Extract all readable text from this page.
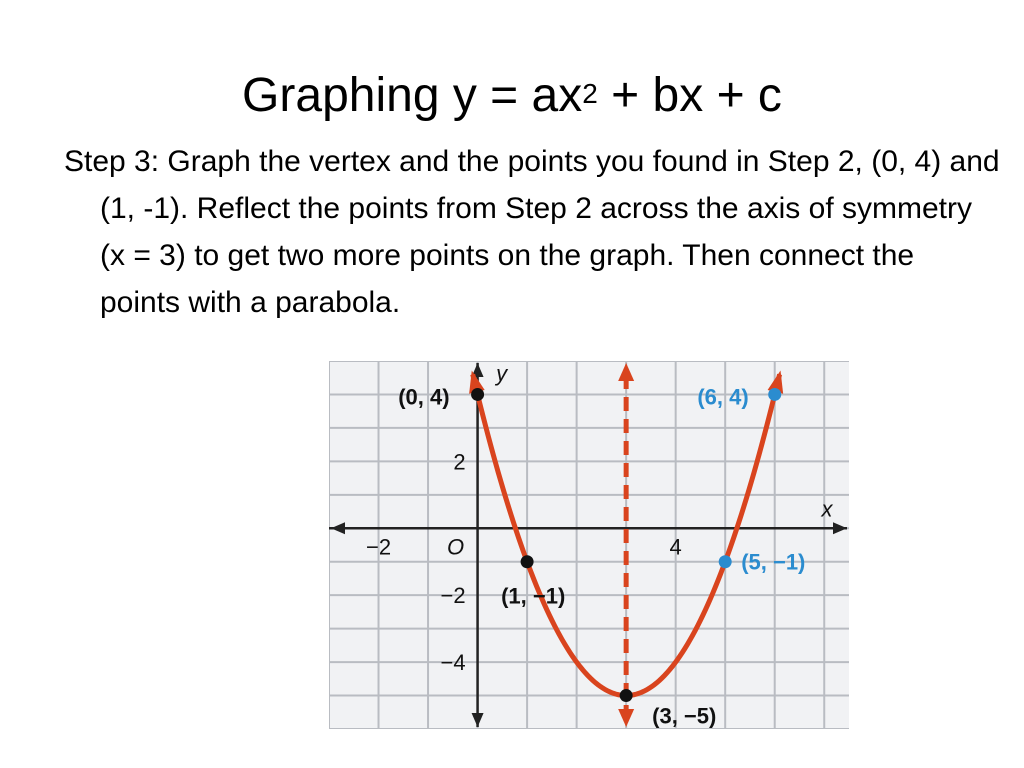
Graphing $y = ax^2$ + bx + c

Step 3: Graph the vertex and the points you found in Step 2, (0, 4) and (1, -1). Reflect the points from Step 2 across the axis of symmetry (x = 3) to get two more points on the graph. Then connect the points with a parabola.

−2	4
2
−2
−4
O
x
y
(0, 4)
(1, −1)
(3, −5)
(6, 4)
(5, −1)
